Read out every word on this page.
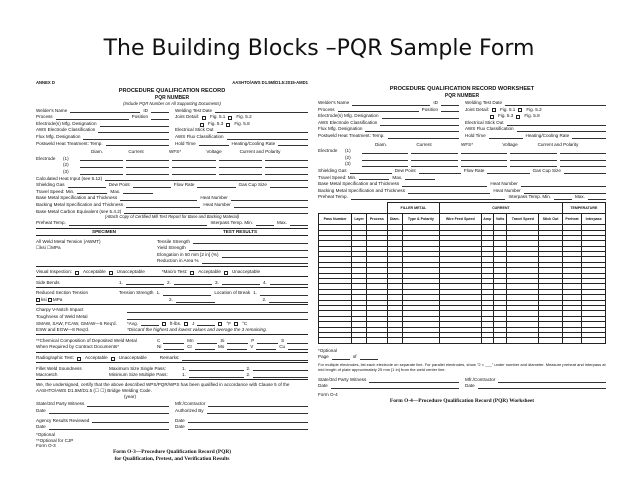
The Building Blocks –PQR Sample Form
ANNEX D	AASHTO/AWS D1.5M/D1.5:2015-AMD1
PROCEDURE QUALIFICATION RECORD
PQR NUMBER
(Include PQR Number on All Supporting Documents)
Welder's Name	ID
Process	Position
Electrode(s) Mfg. Designation
AWS Electrode Classification
Flux Mfg. Designation
Postweld Heat Treatment: Temp.
Welding Test Date
Joint Detail: Fig. 5.1 Fig. 5.2
Fig. 5.3 Fig. 5.8
Electrical Stick Out
AWS Flux Classification
Hold Time	Heating/Cooling Rate
Diam.	Current	WFS*	Voltage	Current and Polarity
Electrode	(1)
(2)
(3)
Calculated Heat Input (see 5.12)
Shielding Gas	Dew Point	Flow Rate	Gas Cup Size
Travel Speed: Min.	Max.
Base Metal Specification and Thickness	Heat Number
Backing Metal Specification and Thickness	Heat Number
Base Metal Carbon Equivalent (see 5.4.2)
(Attach Copy of Certified Mill Test Report for Base and Backing Material)
Preheat Temp.	Interpass Temp. Min.	Max.
SPECIMEN	TEST RESULTS
All Weld Metal Tension (AWMT)	Tensile Strength
☐ksi ☐MPa	Yield Strength
Elongation in 50 mm [2 in] (%)
Reduction in Area %
Visual Inspection: Acceptable Unacceptable	*Macro Test: Acceptable Unacceptable
Side Bends	1.	2.	3.	4.
Reduced Section Tension	Tension Strength 1.	Location of Break 1.
ksi MPa	2.	2.
Charpy V-Notch Impact
Toughness of Weld Metal
SMAW, SAW, FCAW, GMAW—5 Req'd.	*Avg.	ft-lbs. J	°F °C
ESW and EGW—8 Req'd.	*Discard the highest and lowest values and average the 3 remaining.
**Chemical Composition of Deposited Weld Metal	C	Mn	Si	P	S
When Required by Contract Documents*	Ni	Cr	Mo	V	Cu
Radiographic Test: Acceptable Unacceptable	Remarks:
Fillet Weld Soundness	Maximum Size Single Pass:	1.	2.
Macroetch	Minimum Size Multiple Pass:	1.	2.
We, the undersigned, certify that the above described WPS/PQR/WPS has been qualified in accordance with Clause 5 of the AASHTO/AWS D1.5M/D1.5 (☐ ☐) Bridge Welding Code.
(year)
State/3rd Party Witness
Date
Agency Results Reviewed
Date
Mfr./Contractor
Authorized By
Date
Date
*Optional
**Optional for CJP
Form O-3
Form O-3—Procedure Qualification Record (PQR)
for Qualification, Pretest, and Verification Results
PROCEDURE QUALIFICATION RECORD WORKSHEET
PQR NUMBER
Welder's Name	ID
Process	Position
Electrode(s) Mfg. Designation
AWS Electrode Classification
Flux Mfg. Designation
Postweld Heat Treatment: Temp.
Welding Test Date
Joint Detail: Fig. 5.1 Fig. 5.2
Fig. 5.3 Fig. 5.8
Electrical Stick Out
AWS Flux Classification
Hold Time	Heating/Cooling Rate
Diam.	Current	WFS*	Voltage	Current and Polarity
Electrode	(1)
(2)
(3)
Shielding Gas	Dew Point	Flow Rate	Gas Cup Size
Travel Speed: Min.	Max.
Base Metal Specification and Thickness	Heat Number
Backing Metal Specification and Thickness	Heat Number
Preheat Temp.	Interpass Temp. Min.	Max.
			FILLER METAL		CURRENT					TEMPERATURE	
Pass Number	Layer	Process	Diam.	Type & Polarity	Wire Feed Speed	Amp	Volts	Travel Speed	Stick Out	Preheat	Interpass

*Optional
Page	of
For multiple electrodes, list each electrode on separate line. For parallel electrodes, show "2 × ___" under number and diameter. Measure preheat and interpass at mid length of plate approximately 25 mm [1 in] from the weld center line.
State/3rd Party Witness
Date
Mfr./Contractor
Date
Form O-4
Form O-4—Procedure Qualification Record (PQR) Worksheet
